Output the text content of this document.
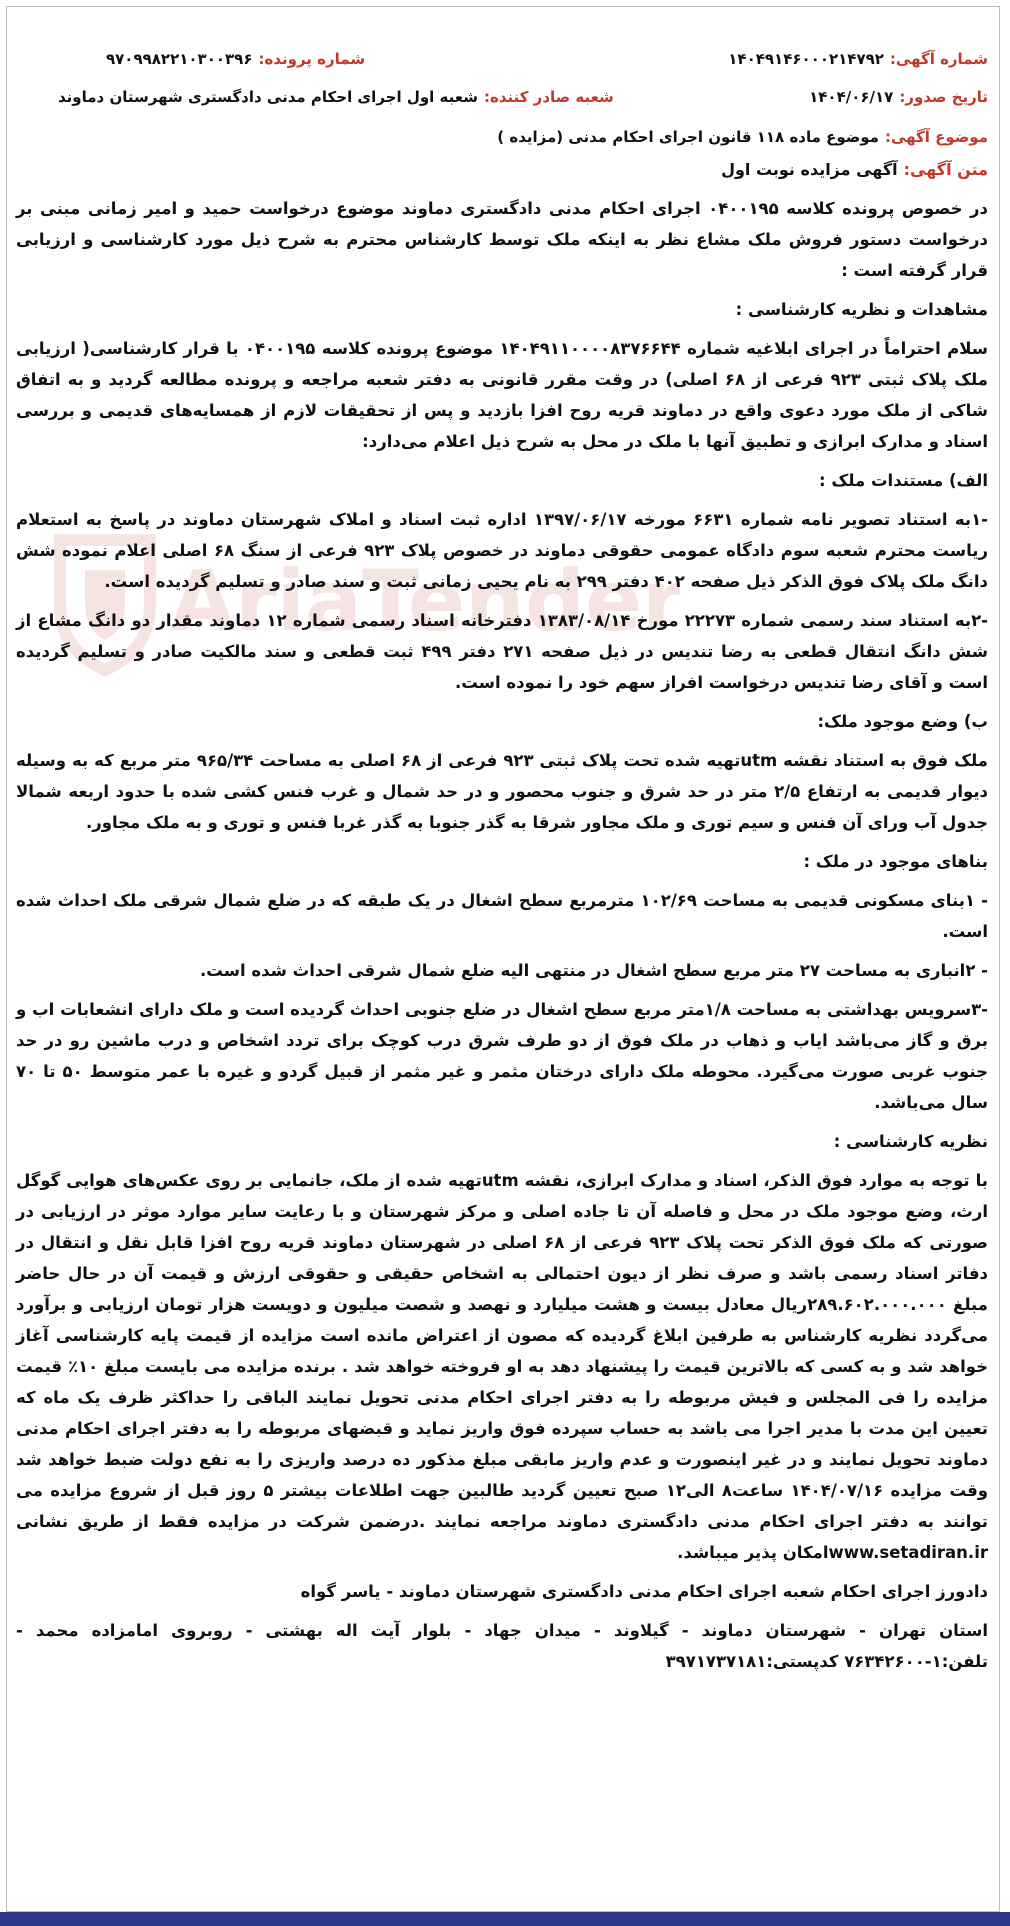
شماره آگهی:
۱۴۰۴۹۱۴۶۰۰۰۲۱۴۷۹۲
شماره پرونده:
۹۷۰۹۹۸۲۲۱۰۳۰۰۳۹۶
تاریخ صدور:
۱۴۰۴/۰۶/۱۷
شعبه صادر کننده:
شعبه اول اجرای احکام مدنی دادگستری شهرستان دماوند
موضوع آگهی:
موضوع ماده ۱۱۸ قانون اجرای احکام مدنی (مزایده )
متن آگهی:
آگهی مزایده نوبت اول

در خصوص پرونده کلاسه ۰۴۰۰۱۹۵ اجرای احکام مدنی دادگستری دماوند موضوع درخواست حمید و امیر زمانی مبنی بر درخواست دستور فروش ملک مشاع نظر به اینکه ملک توسط کارشناس محترم به شرح ذیل مورد کارشناسی و ارزیابی قرار گرفته است :

مشاهدات و نظریه کارشناسی :

سلام احتراماً در اجرای ابلاغیه شماره ۱۴۰۴۹۱۱۰۰۰۰۸۳۷۶۶۴۴ موضوع پرونده کلاسه ۰۴۰۰۱۹۵ با قرار کارشناسی( ارزیابی ملک پلاک ثبتی ۹۲۳ فرعی از ۶۸ اصلی) در وقت مقرر قانونی به دفتر شعبه مراجعه و پرونده مطالعه گردید و به اتفاق شاکی از ملک مورد دعوی واقع در دماوند قریه روح افزا بازدید و پس از تحقیقات لازم از همسایه‌های قدیمی و بررسی اسناد و مدارک ابرازی و تطبیق آنها با ملک در محل به شرح ذیل اعلام می‌دارد:

الف) مستندات ملک :

-۱به استناد تصویر نامه شماره ۶۶۳۱ مورخه ۱۳۹۷/۰۶/۱۷ اداره ثبت اسناد و املاک شهرستان دماوند در پاسخ به استعلام ریاست محترم شعبه سوم دادگاه عمومی حقوقی دماوند در خصوص پلاک ۹۲۳ فرعی از سنگ ۶۸ اصلی اعلام نموده شش دانگ ملک پلاک فوق الذکر ذیل صفحه ۴۰۲ دفتر ۲۹۹ به نام یحیی زمانی ثبت و سند صادر و تسلیم گردیده است.

-۲به استناد سند رسمی شماره ۲۲۲۷۳ مورخ ۱۳۸۳/۰۸/۱۴ دفترخانه اسناد رسمی شماره ۱۲ دماوند مقدار دو دانگ مشاع از شش دانگ انتقال قطعی به رضا تندیس در ذیل صفحه ۲۷۱ دفتر ۴۹۹ ثبت قطعی و سند مالکیت صادر و تسلیم گردیده است و آقای رضا تندیس درخواست افراز سهم خود را نموده است.

ب) وضع موجود ملک:

ملک فوق به استناد نقشه utmتهیه شده تحت پلاک ثبتی ۹۲۳ فرعی از ۶۸ اصلی به مساحت ۹۶۵/۳۴ متر مربع که به وسیله دیوار قدیمی به ارتفاع ۲/۵ متر در حد شرق و جنوب محصور و در حد شمال و غرب فنس کشی شده با حدود اربعه شمالا جدول آب ورای آن فنس و سیم توری و ملک مجاور شرقا به گذر جنوبا به گذر غربا فنس و توری و به ملک مجاور.

بناهای موجود در ملک :

- ۱بنای مسکونی قدیمی به مساحت ۱۰۲/۶۹ مترمربع سطح اشغال در یک طبقه که در ضلع شمال شرقی ملک احداث شده است.

- ۲انباری به مساحت ۲۷ متر مربع سطح اشغال در منتهی الیه ضلع شمال شرقی احداث شده است.

-۳سرویس بهداشتی به مساحت ۱/۸متر مربع سطح اشغال در ضلع جنوبی احداث گردیده است و ملک دارای انشعابات اب و برق و گاز می‌باشد ایاب و ذهاب در ملک فوق از دو طرف شرق درب کوچک برای تردد اشخاص و درب ماشین رو در حد جنوب غربی صورت می‌گیرد. محوطه ملک دارای درختان مثمر و غیر مثمر از قبیل گردو و غیره با عمر متوسط ۵۰ تا ۷۰ سال می‌باشد.

نظریه کارشناسی :

با توجه به موارد فوق الذکر، اسناد و مدارک ابرازی، نقشه utmتهیه شده از ملک، جانمایی بر روی عکس‌های هوایی گوگل ارث، وضع موجود ملک در محل و فاصله آن تا جاده اصلی و مرکز شهرستان و با رعایت سایر موارد موثر در ارزیابی در صورتی که ملک فوق الذکر تحت پلاک ۹۲۳ فرعی از ۶۸ اصلی در شهرستان دماوند قریه روح افزا قابل نقل و انتقال در دفاتر اسناد رسمی باشد و صرف نظر از دیون احتمالی به اشخاص حقیقی و حقوقی ارزش و قیمت آن در حال حاضر مبلغ ۲۸۹.۶۰۲.۰۰۰.۰۰۰ریال معادل بیست و هشت میلیارد و نهصد و شصت میلیون و دویست هزار تومان ارزیابی و برآورد می‌گردد نظریه کارشناس به طرفین ابلاغ گردیده که مصون از اعتراض مانده است مزایده از قیمت پایه کارشناسی آغاز خواهد شد و به کسی که بالاترین قیمت را پیشنهاد دهد به او فروخته خواهد شد . برنده مزایده می بایست مبلغ ۱۰٪ قیمت مزایده را فی المجلس و فیش مربوطه را به دفتر اجرای احکام مدنی تحویل نمایند الباقی را حداکثر ظرف یک ماه که تعیین این مدت با مدیر اجرا می باشد به حساب سپرده فوق واریز نماید و قبضهای مربوطه را به دفتر اجرای احکام مدنی دماوند تحویل نمایند و در غیر اینصورت و عدم واریز مابقی مبلغ مذکور ده درصد واریزی را به نفع دولت ضبط خواهد شد وقت مزایده ۱۴۰۴/۰۷/۱۶ ساعت۸ الی۱۲ صبح تعیین گردید طالبین جهت اطلاعات بیشتر ۵ روز قبل از شروع مزایده می توانند به دفتر اجرای احکام مدنی دادگستری دماوند مراجعه نمایند .درضمن شرکت در مزایده فقط از طریق نشانی www.setadiran.irامکان پذیر میباشد.

دادورز اجرای احکام شعبه اجرای احکام مدنی دادگستری شهرستان دماوند - یاسر گواه

استان تهران - شهرستان دماوند - گیلاوند - میدان جهاد - بلوار آیت اله بهشتی - روبروی امامزاده محمد - تلفن:۱-۷۶۳۴۲۶۰۰ کدپستی:۳۹۷۱۷۳۷۱۸۱
